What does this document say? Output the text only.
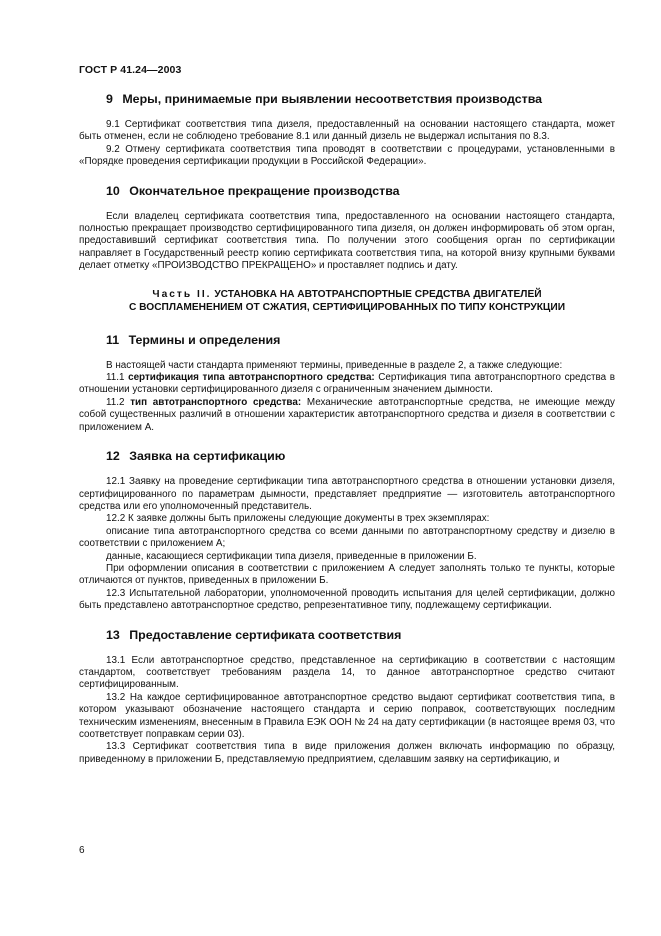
ГОСТ Р 41.24—2003
9 Меры, принимаемые при выявлении несоответствия производства

9.1 Сертификат соответствия типа дизеля, предоставленный на основании настоящего стандарта, может быть отменен, если не соблюдено требование 8.1 или данный дизель не выдержал испытания по 8.3.

9.2 Отмену сертификата соответствия типа проводят в соответствии с процедурами, установленными в «Порядке проведения сертификации продукции в Российской Федерации».

10 Окончательное прекращение производства

Если владелец сертификата соответствия типа, предоставленного на основании настоящего стандарта, полностью прекращает производство сертифицированного типа дизеля, он должен информировать об этом орган, предоставивший сертификат соответствия типа. По получении этого сообщения орган по сертификации направляет в Государственный реестр копию сертификата соответствия типа, на которой внизу крупными буквами делает отметку «ПРОИЗВОДСТВО ПРЕКРАЩЕНО» и проставляет подпись и дату.

Часть II. УСТАНОВКА НА АВТОТРАНСПОРТНЫЕ СРЕДСТВА ДВИГАТЕЛЕЙ
С ВОСПЛАМЕНЕНИЕМ ОТ СЖАТИЯ, СЕРТИФИЦИРОВАННЫХ ПО ТИПУ КОНСТРУКЦИИ
11 Термины и определения

В настоящей части стандарта применяют термины, приведенные в разделе 2, а также следующие:

11.1 сертификация типа автотранспортного средства: Сертификация типа автотранспортного средства в отношении установки сертифицированного дизеля с ограниченным значением дымности.

11.2 тип автотранспортного средства: Механические автотранспортные средства, не имеющие между собой существенных различий в отношении характеристик автотранспортного средства и дизеля в соответствии с приложением А.

12 Заявка на сертификацию

12.1 Заявку на проведение сертификации типа автотранспортного средства в отношении установки дизеля, сертифицированного по параметрам дымности, представляет предприятие — изготовитель автотранспортного средства или его уполномоченный представитель.

12.2 К заявке должны быть приложены следующие документы в трех экземплярах:

описание типа автотранспортного средства со всеми данными по автотранспортному средству и дизелю в соответствии с приложением А;

данные, касающиеся сертификации типа дизеля, приведенные в приложении Б.

При оформлении описания в соответствии с приложением А следует заполнять только те пункты, которые отличаются от пунктов, приведенных в приложении Б.

12.3 Испытательной лаборатории, уполномоченной проводить испытания для целей сертификации, должно быть представлено автотранспортное средство, репрезентативное типу, подлежащему сертификации.

13 Предоставление сертификата соответствия

13.1 Если автотранспортное средство, представленное на сертификацию в соответствии с настоящим стандартом, соответствует требованиям раздела 14, то данное автотранспортное средство считают сертифицированным.

13.2 На каждое сертифицированное автотранспортное средство выдают сертификат соответствия типа, в котором указывают обозначение настоящего стандарта и серию поправок, соответствующих последним техническим изменениям, внесенным в Правила ЕЭК ООН № 24 на дату сертификации (в настоящее время 03, что соответствует поправкам серии 03).

13.3 Сертификат соответствия типа в виде приложения должен включать информацию по образцу, приведенному в приложении Б, представляемую предприятием, сделавшим заявку на сертификацию, и

6
